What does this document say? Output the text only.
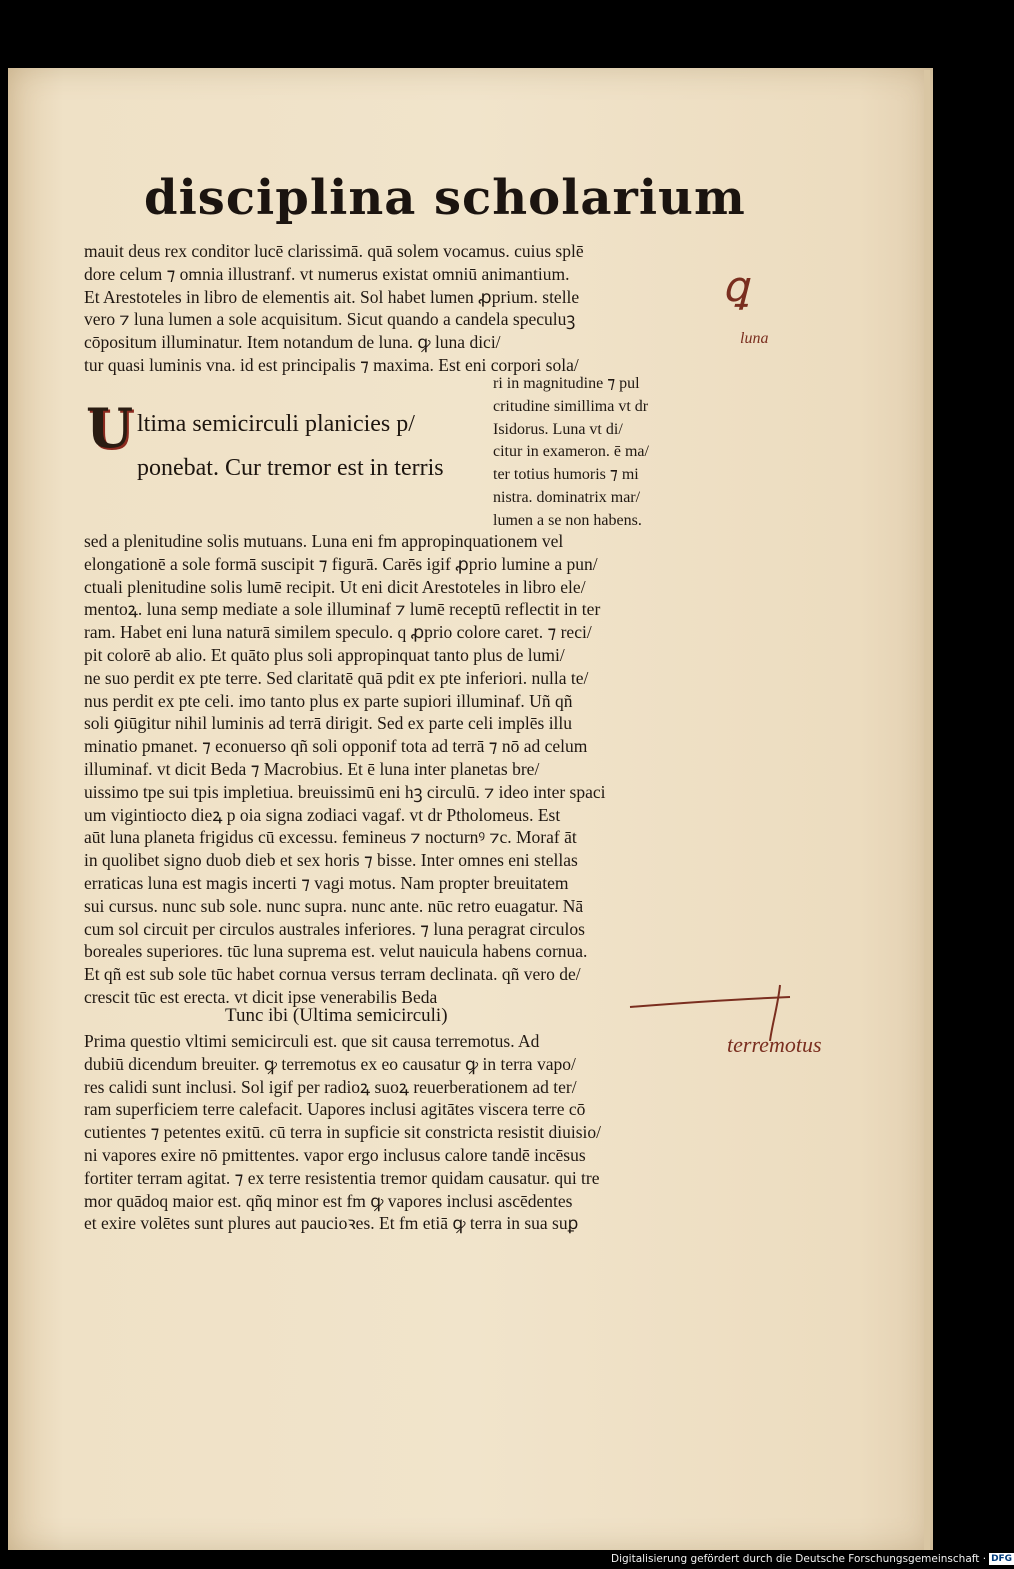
disciplina scholarium
mauit deus rex conditor lucē clarissimā. quā solem vocamus. cuius splē
dore celum ⁊ omnia illustranf. vt numerus existat omniū animantium.
Et Arestoteles in libro de elementis ait. Sol habet lumen ꝓprium. stelle
vero ⁊ luna lumen a sole acquisitum. Sicut quando a candela speculuꝫ
cōpositum illuminatur. Item notandum de luna. ꝙ luna dici/
tur quasi luminis vna. id est principalis ⁊ maxima. Est eni corpori sola/
U ltima semicirculi planicies p/
ponebat. Cur tremor est in terris
ri in magnitudine ⁊ pul
critudine simillima vt dr
Isidorus. Luna vt di/
citur in exameron. ē ma/
ter totius humoris ⁊ mi
nistra. dominatrix mar/
lumen a se non habens.
sed a plenitudine solis mutuans. Luna eni fm appropinquationem vel
elongationē a sole formā suscipit ⁊ figurā. Carēs igif ꝓprio lumine a pun/
ctuali plenitudine solis lumē recipit. Ut eni dicit Arestoteles in libro ele/
mentoꝝ. luna semp mediate a sole illuminaf ⁊ lumē receptū reflectit in ter
ram. Habet eni luna naturā similem speculo. q ꝓprio colore caret. ⁊ reci/
pit colorē ab alio. Et quāto plus soli appropinquat tanto plus de lumi/
ne suo perdit ex pte terre. Sed claritatē quā pdit ex pte inferiori. nulla te/
nus perdit ex pte celi. imo tanto plus ex parte supiori illuminaf. Uñ qñ
soli ꝯiūgitur nihil luminis ad terrā dirigit. Sed ex parte celi implēs illu
minatio pmanet. ⁊ econuerso qñ soli opponif tota ad terrā ⁊ nō ad celum
illuminaf. vt dicit Beda ⁊ Macrobius. Et ē luna inter planetas bre/
uissimo tpe sui tpis impletiua. breuissimū eni hꝫ circulū. ⁊ ideo inter spaci
um vigintiocto dieꝝ p oia signa zodiaci vagaf. vt dr Ptholomeus. Est
aūt luna planeta frigidus cū excessu. femineus ⁊ nocturnꝰ ⁊c. Moraf āt
in quolibet signo duob dieb et sex horis ⁊ bisse. Inter omnes eni stellas
erraticas luna est magis incerti ⁊ vagi motus. Nam propter breuitatem
sui cursus. nunc sub sole. nunc supra. nunc ante. nūc retro euagatur. Nā
cum sol circuit per circulos australes inferiores. ⁊ luna peragrat circulos
boreales superiores. tūc luna suprema est. velut nauicula habens cornua.
Et qñ est sub sole tūc habet cornua versus terram declinata. qñ vero de/
crescit tūc est erecta. vt dicit ipse venerabilis Beda
Tunc ibi (Ultima semicirculi)
Prima questio vltimi semicirculi est. que sit causa terremotus. Ad
dubiū dicendum breuiter. ꝙ terremotus ex eo causatur ꝙ in terra vapo/
res calidi sunt inclusi. Sol igif per radioꝝ suoꝝ reuerberationem ad ter/
ram superficiem terre calefacit. Uapores inclusi agitātes viscera terre cō
cutientes ⁊ petentes exitū. cū terra in supficie sit constricta resistit diuisio/
ni vapores exire nō pmittentes. vapor ergo inclusus calore tandē incēsus
fortiter terram agitat. ⁊ ex terre resistentia tremor quidam causatur. qui tre
mor quādoq maior est. qñq minor est fm ꝙ vapores inclusi ascēdentes
et exire volētes sunt plures aut paucioꝛes. Et fm etiā ꝙ terra in sua suꝑ
ꝗ
luna
terremotus
Digitalisierung gefördert durch die Deutsche Forschungsgemeinschaft · DFG
